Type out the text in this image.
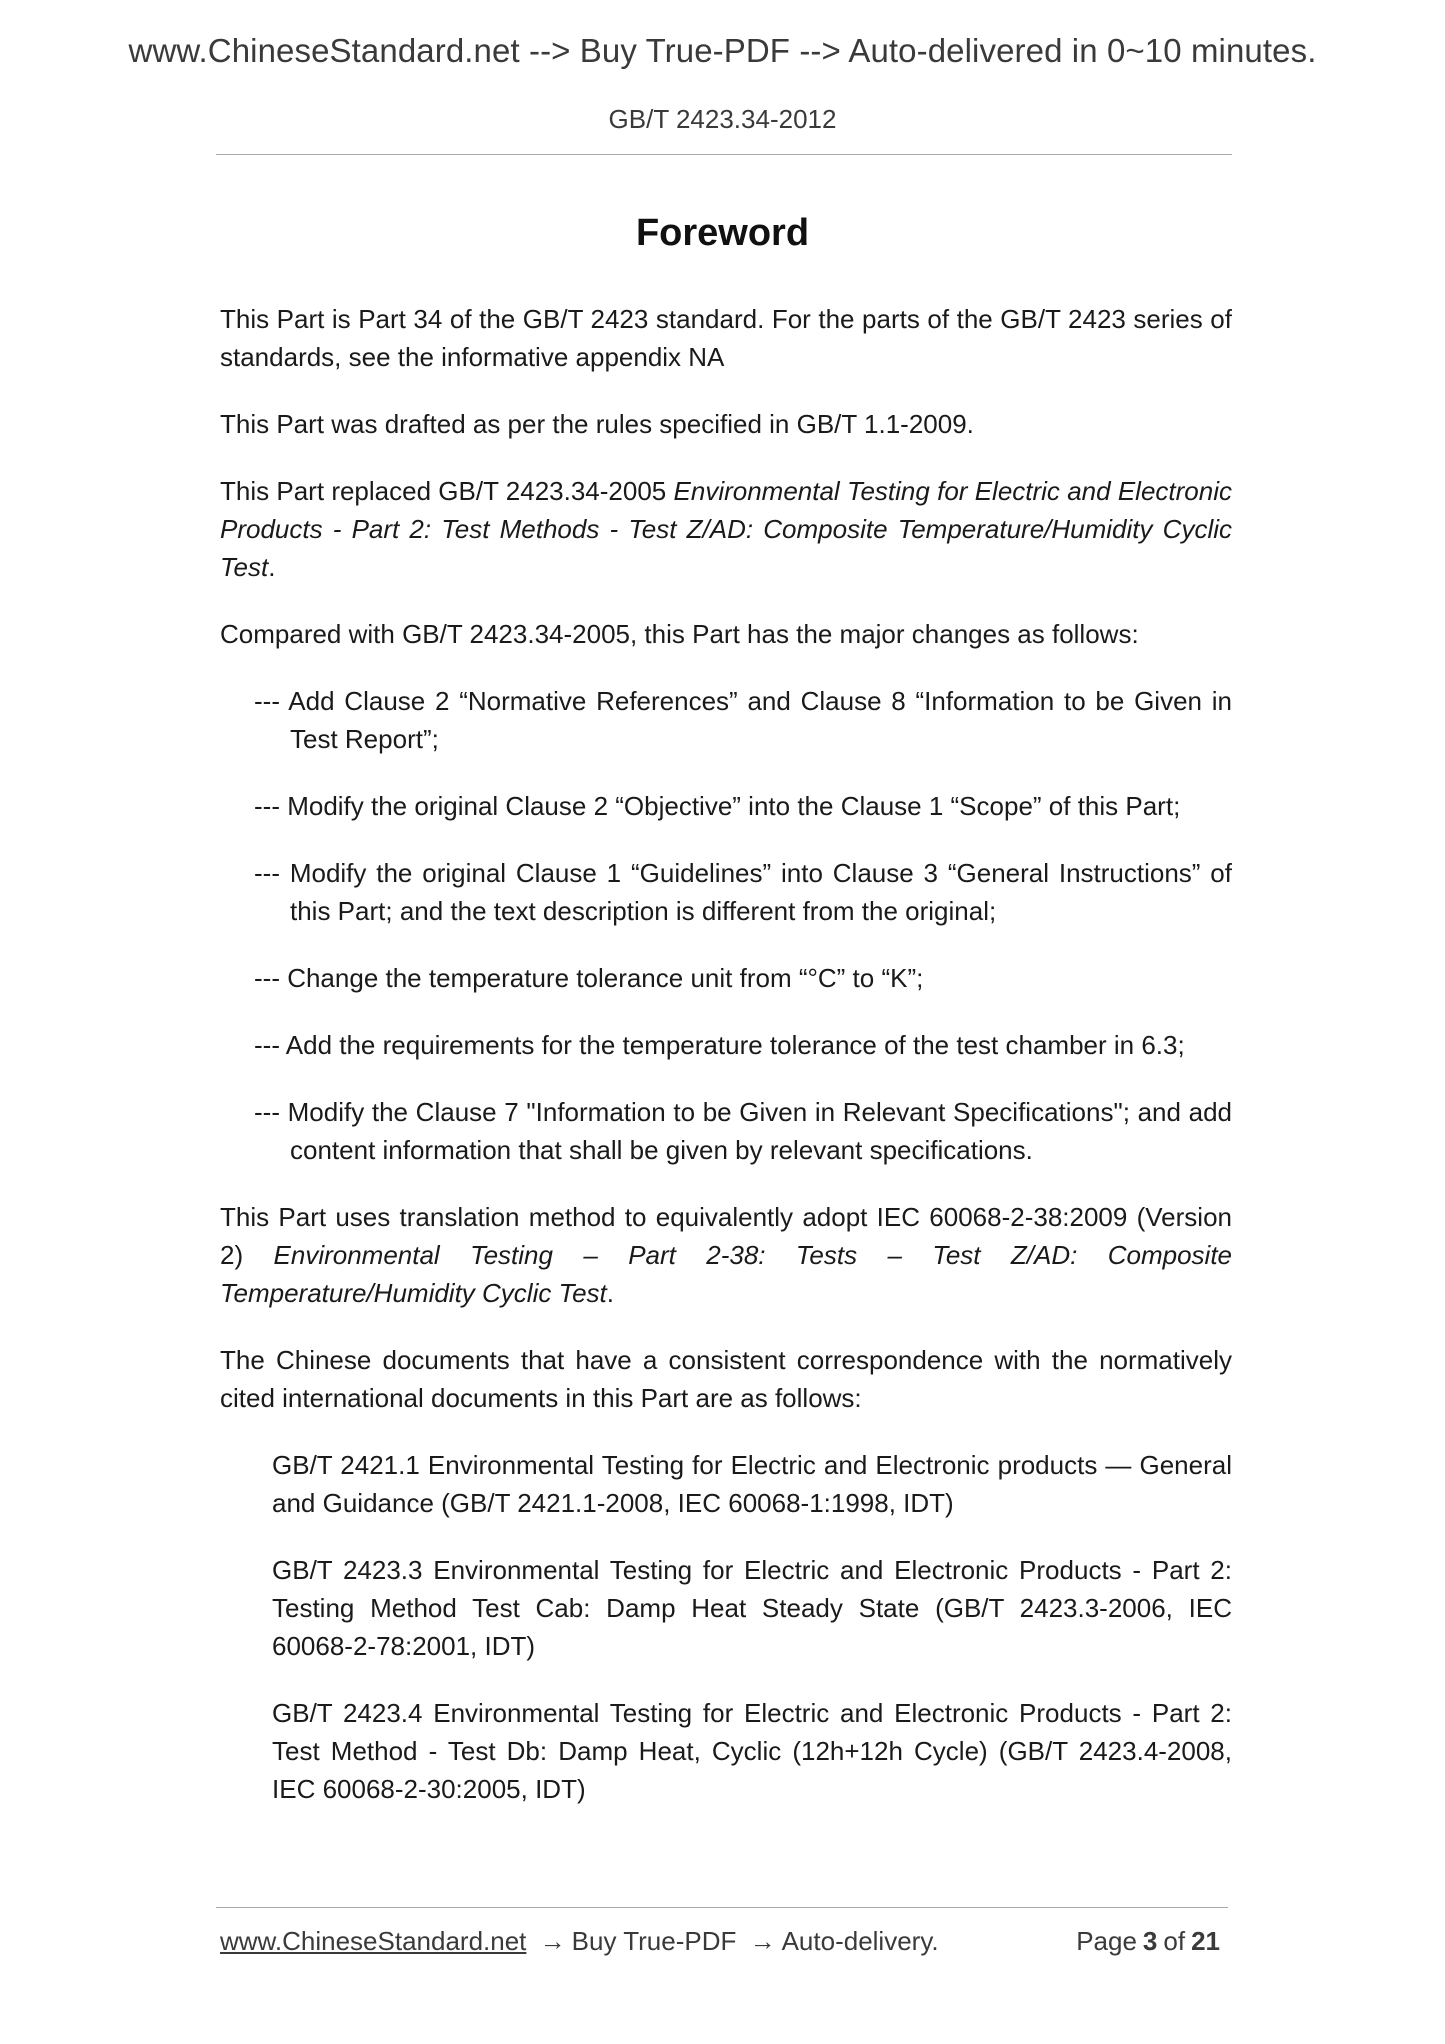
www.ChineseStandard.net --> Buy True-PDF --> Auto-delivered in 0~10 minutes.
GB/T 2423.34-2012
Foreword

This Part is Part 34 of the GB/T 2423 standard. For the parts of the GB/T 2423 series of standards, see the informative appendix NA

This Part was drafted as per the rules specified in GB/T 1.1-2009.

This Part replaced GB/T 2423.34-2005 Environmental Testing for Electric and Electronic Products - Part 2: Test Methods - Test Z/AD: Composite Temperature/Humidity Cyclic Test.

Compared with GB/T 2423.34-2005, this Part has the major changes as follows:

--- Add Clause 2 “Normative References” and Clause 8 “Information to be Given in Test Report”;

--- Modify the original Clause 2 “Objective” into the Clause 1 “Scope” of this Part;

--- Modify the original Clause 1 “Guidelines” into Clause 3 “General Instructions” of this Part; and the text description is different from the original;

--- Change the temperature tolerance unit from “°C” to “K”;

--- Add the requirements for the temperature tolerance of the test chamber in 6.3;

--- Modify the Clause 7 "Information to be Given in Relevant Specifications"; and add content information that shall be given by relevant specifications.

This Part uses translation method to equivalently adopt IEC 60068-2-38:2009 (Version 2) Environmental Testing – Part 2-38: Tests – Test Z/AD: Composite Temperature/Humidity Cyclic Test.

The Chinese documents that have a consistent correspondence with the normatively cited international documents in this Part are as follows:

GB/T 2421.1 Environmental Testing for Electric and Electronic products — General and Guidance (GB/T 2421.1-2008, IEC 60068-1:1998, IDT)

GB/T 2423.3 Environmental Testing for Electric and Electronic Products - Part 2: Testing Method Test Cab: Damp Heat Steady State (GB/T 2423.3-2006, IEC 60068-2-78:2001, IDT)

GB/T 2423.4 Environmental Testing for Electric and Electronic Products - Part 2: Test Method - Test Db: Damp Heat, Cyclic (12h+12h Cycle) (GB/T 2423.4-2008, IEC 60068-2-30:2005, IDT)

www.ChineseStandard.net → Buy True-PDF → Auto-delivery.	Page 3 of 21
